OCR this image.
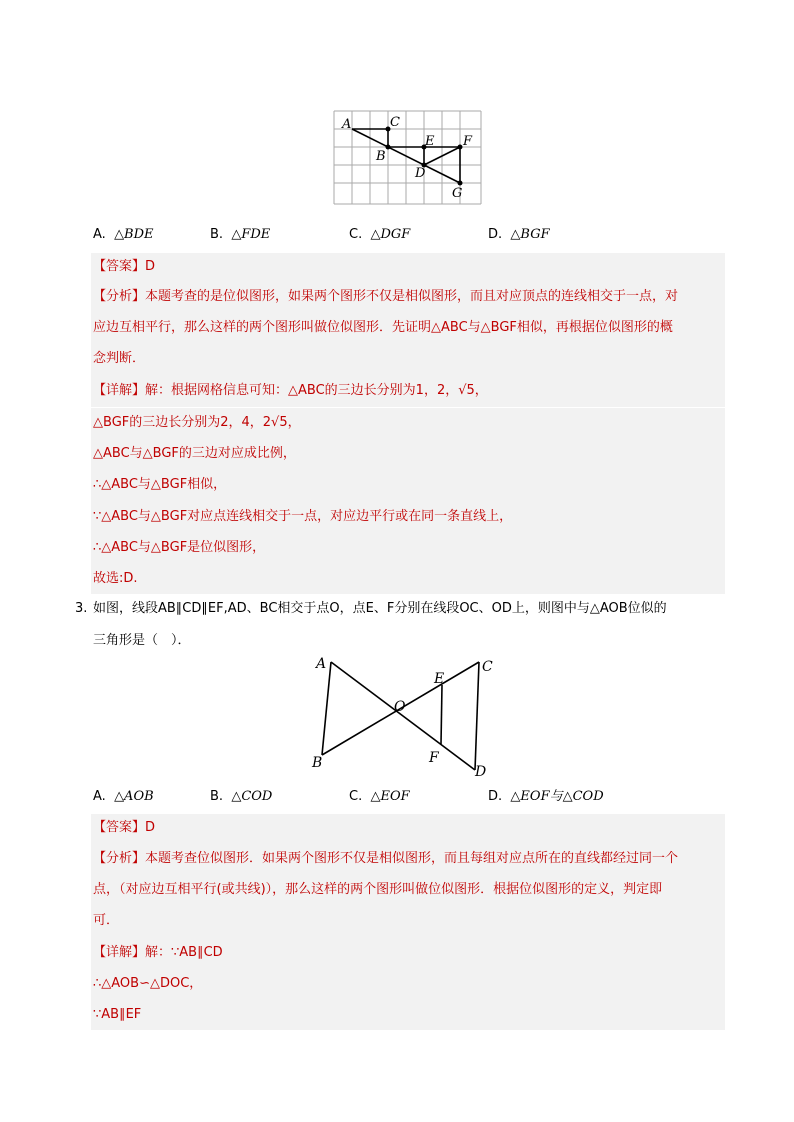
A	C
B
E F
D
G
A. △BDE	B. △FDE	C. △DGF	D. △BGF
【答案】D
【分析】本题考查的是位似图形，如果两个图形不仅是相似图形，而且对应顶点的连线相交于一点，对
应边互相平行，那么这样的两个图形叫做位似图形．先证明△ABC与△BGF相似，再根据位似图形的概
念判断．
【详解】解：根据网格信息可知：△ABC的三边长分别为1，2，√5，
△BGF的三边长分别为2，4，2√5，
△ABC与△BGF的三边对应成比例，
∴△ABC与△BGF相似，
∵△ABC与△BGF对应点连线相交于一点，对应边平行或在同一条直线上，
∴△ABC与△BGF是位似图形，
故选:D.
3. 如图，线段AB∥CD∥EF,AD、BC相交于点O，点E、F分别在线段OC、OD上，则图中与△AOB位似的
三角形是（　）．
A
B
C
D
E
F
O
A. △AOB	B. △COD	C. △EOF	D. △EOF与△COD
【答案】D
【分析】本题考查位似图形．如果两个图形不仅是相似图形，而且每组对应点所在的直线都经过同一个
点，（对应边互相平行(或共线)），那么这样的两个图形叫做位似图形．根据位似图形的定义，判定即
可．
【详解】解：∵AB∥CD
∴△AOB∽△DOC，
∵AB∥EF
